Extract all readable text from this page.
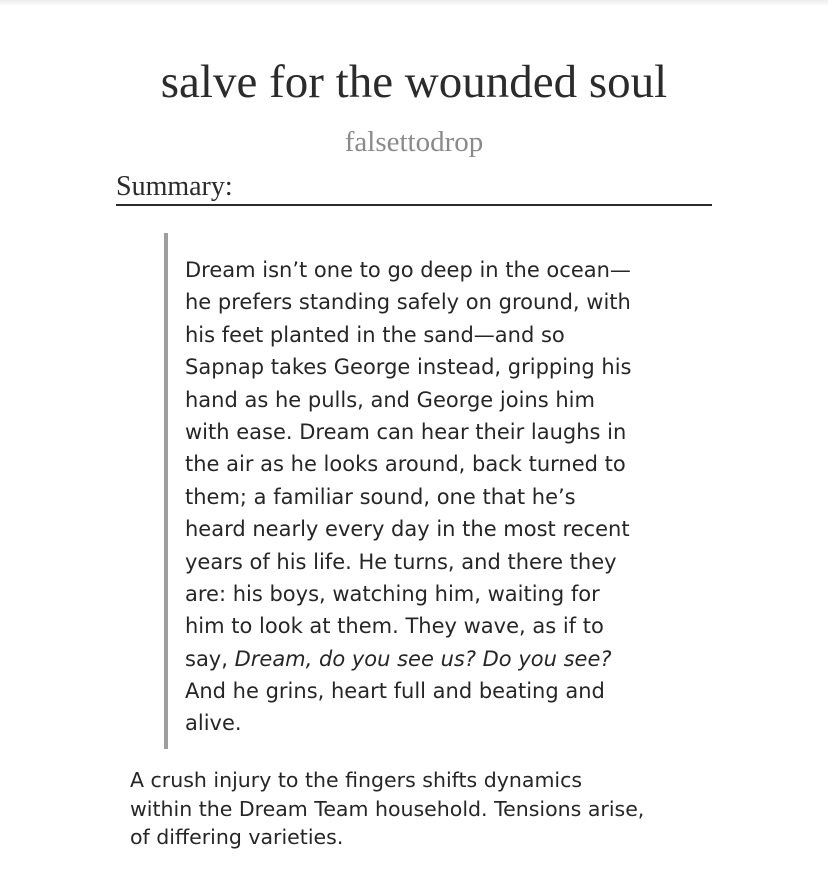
salve for the wounded soul
falsettodrop
Summary:
Dream isn’t one to go deep in the ocean—
he prefers standing safely on ground, with
his feet planted in the sand—and so
Sapnap takes George instead, gripping his
hand as he pulls, and George joins him
with ease. Dream can hear their laughs in
the air as he looks around, back turned to
them; a familiar sound, one that he’s
heard nearly every day in the most recent
years of his life. He turns, and there they
are: his boys, watching him, waiting for
him to look at them. They wave, as if to
say, Dream, do you see us? Do you see?
And he grins, heart full and beating and
alive.
A crush injury to the fingers shifts dynamics
within the Dream Team household. Tensions arise,
of differing varieties.
